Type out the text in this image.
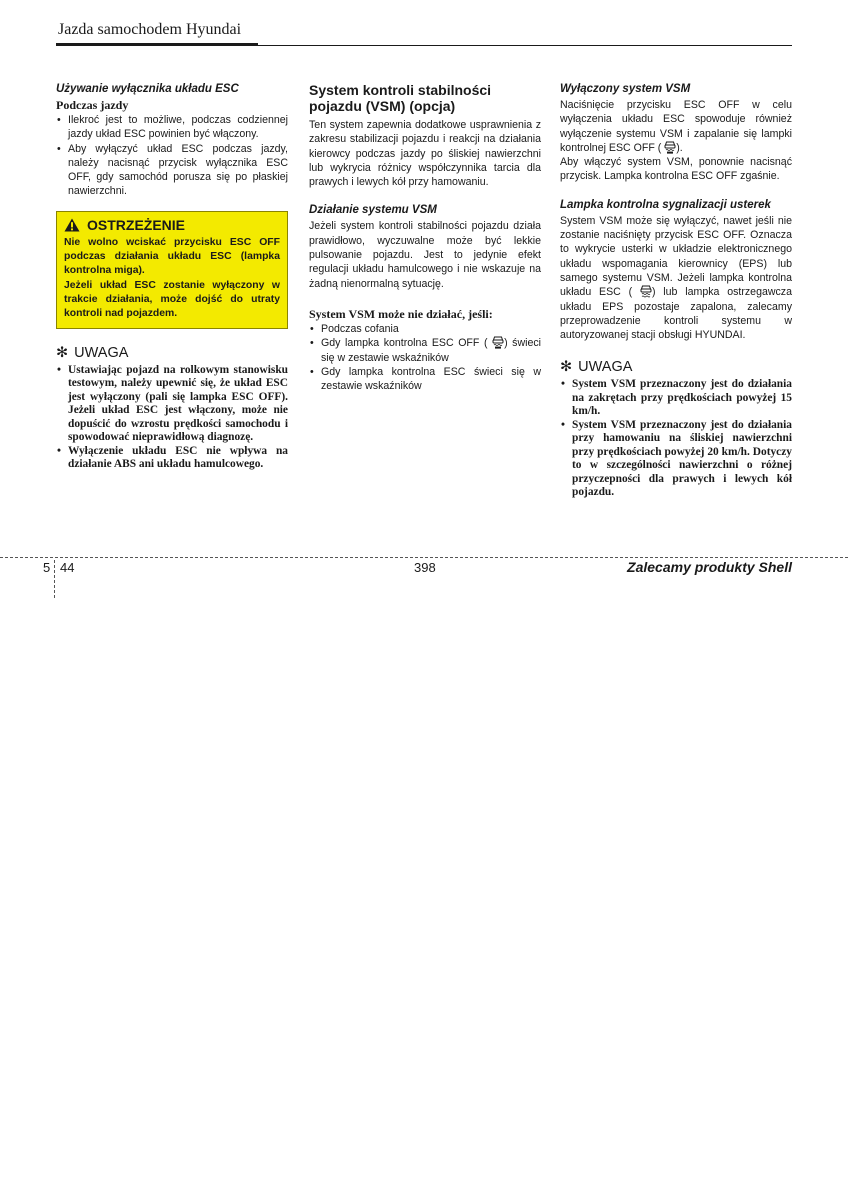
Jazda samochodem Hyundai
Używanie wyłącznika układu ESC
Podczas jazdy
• Ilekroć jest to możliwe, podczas codziennej jazdy układ ESC powinien być włączony.
• Aby wyłączyć układ ESC podczas jazdy, należy nacisnąć przycisk wyłącznika ESC OFF, gdy samochód porusza się po płaskiej nawierzchni.
OSTRZEŻENIE

Nie wolno wciskać przycisku ESC OFF podczas działania układu ESC (lampka kontrolna miga).

Jeżeli układ ESC zostanie wyłączony w trakcie działania, może dojść do utraty kontroli nad pojazdem.

✻ UWAGA
• Ustawiając pojazd na rolkowym stanowisku testowym, należy upewnić się, że układ ESC jest wyłączony (pali się lampka ESC OFF). Jeżeli układ ESC jest włączony, może nie dopuścić do wzrostu prędkości samochodu i spowodować nieprawidłową diagnozę.
• Wyłączenie układu ESC nie wpływa na działanie ABS ani układu hamulcowego.
System kontroli stabilności pojazdu (VSM) (opcja)

Ten system zapewnia dodatkowe usprawnienia z zakresu stabilizacji pojazdu i reakcji na działania kierowcy podczas jazdy po śliskiej nawierzchni lub wykrycia różnicy współczynnika tarcia dla prawych i lewych kół przy hamowaniu.

Działanie systemu VSM

Jeżeli system kontroli stabilności pojazdu działa prawidłowo, wyczuwalne może być lekkie pulsowanie pojazdu. Jest to jedynie efekt regulacji układu hamulcowego i nie wskazuje na żadną nienormalną sytuację.

System VSM może nie działać, jeśli:
• Podczas cofania
• Gdy lampka kontrolna ESC OFF ( ) świeci się w zestawie wskaźników
• Gdy lampka kontrolna ESC świeci się w zestawie wskaźników
Wyłączony system VSM

Naciśnięcie przycisku ESC OFF w celu wyłączenia układu ESC spowoduje również wyłączenie systemu VSM i zapalanie się lampki kontrolnej ESC OFF ( ).

Aby włączyć system VSM, ponownie nacisnąć przycisk. Lampka kontrolna ESC OFF zgaśnie.

Lampka kontrolna sygnalizacji usterek

System VSM może się wyłączyć, nawet jeśli nie zostanie naciśnięty przycisk ESC OFF. Oznacza to wykrycie usterki w układzie elektronicznego układu wspomagania kierownicy (EPS) lub samego systemu VSM. Jeżeli lampka kontrolna układu ESC ( ) lub lampka ostrzegawcza układu EPS pozostaje zapalona, zalecamy przeprowadzenie kontroli systemu w autoryzowanej stacji obsługi HYUNDAI.

✻ UWAGA
• System VSM przeznaczony jest do działania na zakrętach przy prędkościach powyżej 15 km/h.
• System VSM przeznaczony jest do działania przy hamowaniu na śliskiej nawierzchni przy prędkościach powyżej 20 km/h. Dotyczy to w szczególności nawierzchni o różnej przyczepności dla prawych i lewych kół pojazdu.
5 44	398	Zalecamy produkty Shell
